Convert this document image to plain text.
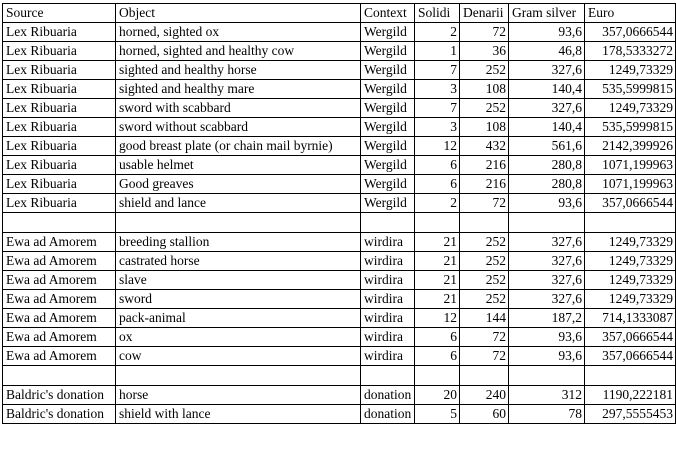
Source	Object	Context	Solidi	Denarii	Gram silver	Euro
Lex Ribuaria	horned, sighted ox	Wergild	2	72	93,6	357,0666544
Lex Ribuaria	horned, sighted and healthy cow	Wergild	1	36	46,8	178,5333272
Lex Ribuaria	sighted and healthy horse	Wergild	7	252	327,6	1249,73329
Lex Ribuaria	sighted and healthy mare	Wergild	3	108	140,4	535,5999815
Lex Ribuaria	sword with scabbard	Wergild	7	252	327,6	1249,73329
Lex Ribuaria	sword without scabbard	Wergild	3	108	140,4	535,5999815
Lex Ribuaria	good breast plate (or chain mail byrnie)	Wergild	12	432	561,6	2142,399926
Lex Ribuaria	usable helmet	Wergild	6	216	280,8	1071,199963
Lex Ribuaria	Good greaves	Wergild	6	216	280,8	1071,199963
Lex Ribuaria	shield and lance	Wergild	2	72	93,6	357,0666544

Ewa ad Amorem	breeding stallion	wirdira	21	252	327,6	1249,73329
Ewa ad Amorem	castrated horse	wirdira	21	252	327,6	1249,73329
Ewa ad Amorem	slave	wirdira	21	252	327,6	1249,73329
Ewa ad Amorem	sword	wirdira	21	252	327,6	1249,73329
Ewa ad Amorem	pack-animal	wirdira	12	144	187,2	714,1333087
Ewa ad Amorem	ox	wirdira	6	72	93,6	357,0666544
Ewa ad Amorem	cow	wirdira	6	72	93,6	357,0666544

Baldric's donation	horse	donation	20	240	312	1190,222181
Baldric's donation	shield with lance	donation	5	60	78	297,5555453
